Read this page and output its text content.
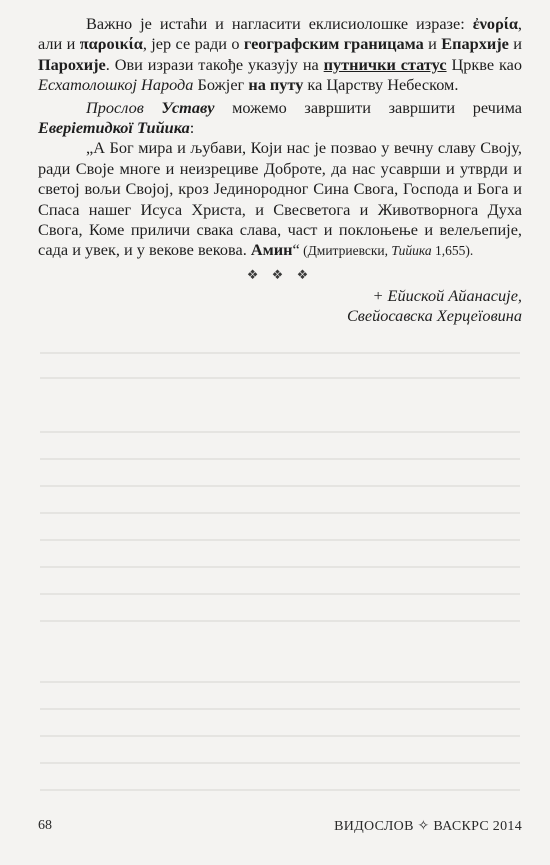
Важно је истаћи и нагласити еклисиолошке изразе: ἐνορία, али и παροικία, јер се ради о географским границама и Епархије и Парохије. Ови изрази такође указују на путнички статус Цркве као Есхатолошкој Народа Божјег на путу ка Царству Небеском.

Прослов Уставу можемо завршити завршити речима Еверіетидкої Тийика:

„А Бог мира и љубави, Који нас је позвао у вечну славу Своју, ради Своје многе и неизрециве Доброте, да нас усаврши и утврди и светој вољи Својој, кроз Јединородног Сина Свога, Господа и Бога и Спаса нашег Исуса Христа, и Свесветога и Животворнога Духа Свога, Коме приличи свака слава, част и поклоњење и велељепије, сада и увек, и у векове векова. Амин“ (Дмитриевски, Тийика 1,655).

❖ ❖ ❖

+ Ейиской Айанасије,

Свейосавска Херцеїовина

68	ВИДОСЛОВ ✧ ВАСКРС 2014
